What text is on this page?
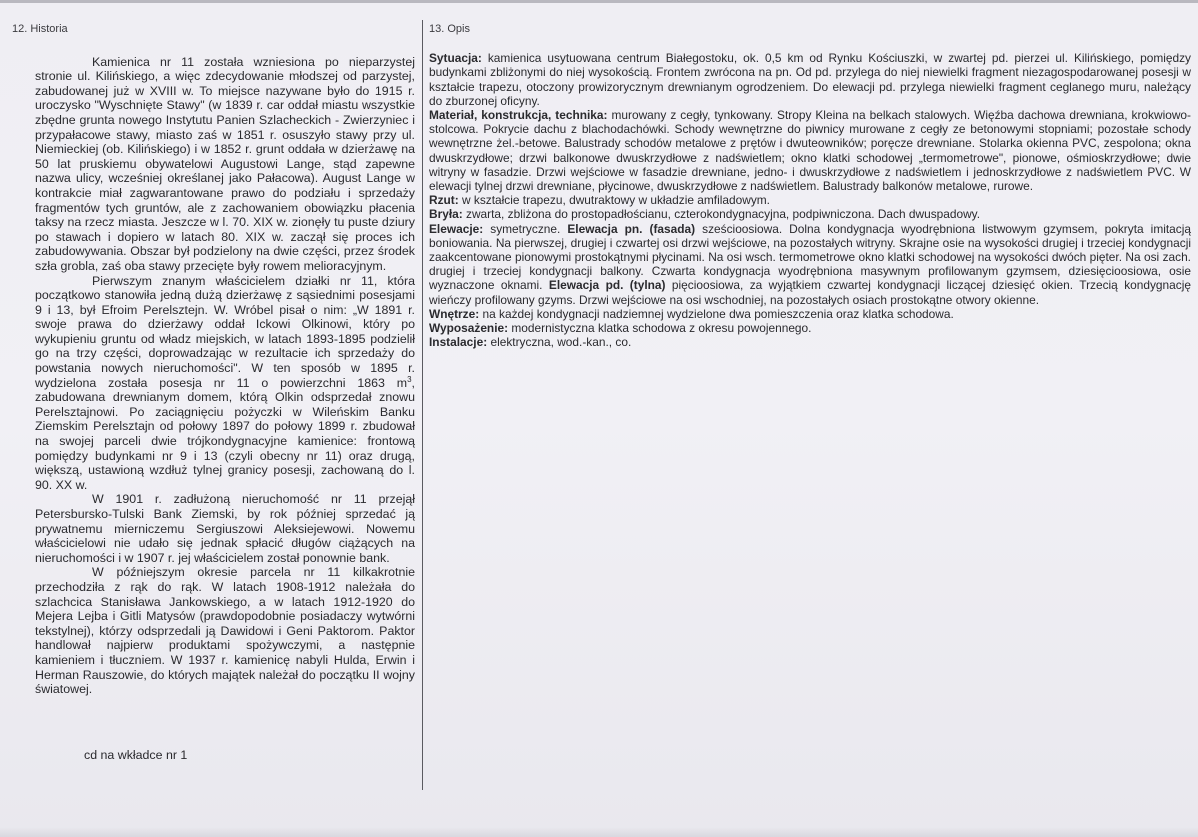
12. Historia

Kamienica nr 11 została wzniesiona po nieparzystej stronie ul. Kilińskiego, a więc zdecydowanie młodszej od parzystej, zabudowanej już w XVIII w. To miejsce nazywane było do 1915 r. uroczysko "Wyschnięte Stawy" (w 1839 r. car oddał miastu wszystkie zbędne grunta nowego Instytutu Panien Szlacheckich - Zwierzyniec i przypałacowe stawy, miasto zaś w 1851 r. osuszyło stawy przy ul. Niemieckiej (ob. Kilińskiego) i w 1852 r. grunt oddała w dzierżawę na 50 lat pruskiemu obywatelowi Augustowi Lange, stąd zapewne nazwa ulicy, wcześniej określanej jako Pałacowa). August Lange w kontrakcie miał zagwarantowane prawo do podziału i sprzedaży fragmentów tych gruntów, ale z zachowaniem obowiązku płacenia taksy na rzecz miasta. Jeszcze w l. 70. XIX w. zionęły tu puste dziury po stawach i dopiero w latach 80. XIX w. zaczął się proces ich zabudowywania. Obszar był podzielony na dwie części, przez środek szła grobla, zaś oba stawy przecięte były rowem melioracyjnym.

Pierwszym znanym właścicielem działki nr 11, która początkowo stanowiła jedną dużą dzierżawę z sąsiednimi posesjami 9 i 13, był Efroim Perelsztejn. W. Wróbel pisał o nim: „W 1891 r. swoje prawa do dzierżawy oddał Ickowi Olkinowi, który po wykupieniu gruntu od władz miejskich, w latach 1893-1895 podzielił go na trzy części, doprowadzając w rezultacie ich sprzedaży do powstania nowych nieruchomości". W ten sposób w 1895 r. wydzielona została posesja nr 11 o powierzchni 1863 $m^3$, zabudowana drewnianym domem, którą Olkin odsprzedał znowu Perelsztajnowi. Po zaciągnięciu pożyczki w Wileńskim Banku Ziemskim Perelsztajn od połowy 1897 do połowy 1899 r. zbudował na swojej parceli dwie trójkondygnacyjne kamienice: frontową pomiędzy budynkami nr 9 i 13 (czyli obecny nr 11) oraz drugą, większą, ustawioną wzdłuż tylnej granicy posesji, zachowaną do l. 90. XX w.

W 1901 r. zadłużoną nieruchomość nr 11 przejął Petersbursko-Tulski Bank Ziemski, by rok później sprzedać ją prywatnemu mierniczemu Sergiuszowi Aleksiejewowi. Nowemu właścicielowi nie udało się jednak spłacić długów ciążących na nieruchomości i w 1907 r. jej właścicielem został ponownie bank.

W późniejszym okresie parcela nr 11 kilkakrotnie przechodziła z rąk do rąk. W latach 1908-1912 należała do szlachcica Stanisława Jankowskiego, a w latach 1912-1920 do Mejera Lejba i Gitli Matysów (prawdopodobnie posiadaczy wytwórni tekstylnej), którzy odsprzedali ją Dawidowi i Geni Paktorom. Paktor handlował najpierw produktami spożywczymi, a następnie kamieniem i tłuczniem. W 1937 r. kamienicę nabyli Hulda, Erwin i Herman Rauszowie, do których majątek należał do początku II wojny światowej.

cd na wkładce nr 1
13. Opis

Sytuacja: kamienica usytuowana centrum Białegostoku, ok. 0,5 km od Rynku Kościuszki, w zwartej pd. pierzei ul. Kilińskiego, pomiędzy budynkami zbliżonymi do niej wysokością. Frontem zwrócona na pn. Od pd. przylega do niej niewielki fragment niezagospodarowanej posesji w kształcie trapezu, otoczony prowizorycznym drewnianym ogrodzeniem. Do elewacji pd. przylega niewielki fragment ceglanego muru, należący do zburzonej oficyny.

Materiał, konstrukcja, technika: murowany z cegły, tynkowany. Stropy Kleina na belkach stalowych. Więźba dachowa drewniana, krokwiowo-stolcowa. Pokrycie dachu z blachodachówki. Schody wewnętrzne do piwnicy murowane z cegły ze betonowymi stopniami; pozostałe schody wewnętrzne żel.-betowe. Balustrady schodów metalowe z prętów i dwuteowników; poręcze drewniane. Stolarka okienna PVC, zespolona; okna dwuskrzydłowe; drzwi balkonowe dwuskrzydłowe z nadświetlem; okno klatki schodowej „termometrowe", pionowe, ośmioskrzydłowe; dwie witryny w fasadzie. Drzwi wejściowe w fasadzie drewniane, jedno- i dwuskrzydłowe z nadświetlem i jednoskrzydłowe z nadświetlem PVC. W elewacji tylnej drzwi drewniane, płycinowe, dwuskrzydłowe z nadświetlem. Balustrady balkonów metalowe, rurowe.

Rzut: w kształcie trapezu, dwutraktowy w układzie amfiladowym.

Bryła: zwarta, zbliżona do prostopadłościanu, czterokondygnacyjna, podpiwniczona. Dach dwuspadowy.

Elewacje: symetryczne. Elewacja pn. (fasada) sześcioosiowa. Dolna kondygnacja wyodrębniona listwowym gzymsem, pokryta imitacją boniowania. Na pierwszej, drugiej i czwartej osi drzwi wejściowe, na pozostałych witryny. Skrajne osie na wysokości drugiej i trzeciej kondygnacji zaakcentowane pionowymi prostokątnymi płycinami. Na osi wsch. termometrowe okno klatki schodowej na wysokości dwóch pięter. Na osi zach. drugiej i trzeciej kondygnacji balkony. Czwarta kondygnacja wyodrębniona masywnym profilowanym gzymsem, dziesięcioosiowa, osie wyznaczone oknami. Elewacja pd. (tylna) pięcioosiowa, za wyjątkiem czwartej kondygnacji liczącej dziesięć okien. Trzecią kondygnację wieńczy profilowany gzyms. Drzwi wejściowe na osi wschodniej, na pozostałych osiach prostokątne otwory okienne.

Wnętrze: na każdej kondygnacji nadziemnej wydzielone dwa pomieszczenia oraz klatka schodowa.

Wyposażenie: modernistyczna klatka schodowa z okresu powojennego.

Instalacje: elektryczna, wod.-kan., co.
